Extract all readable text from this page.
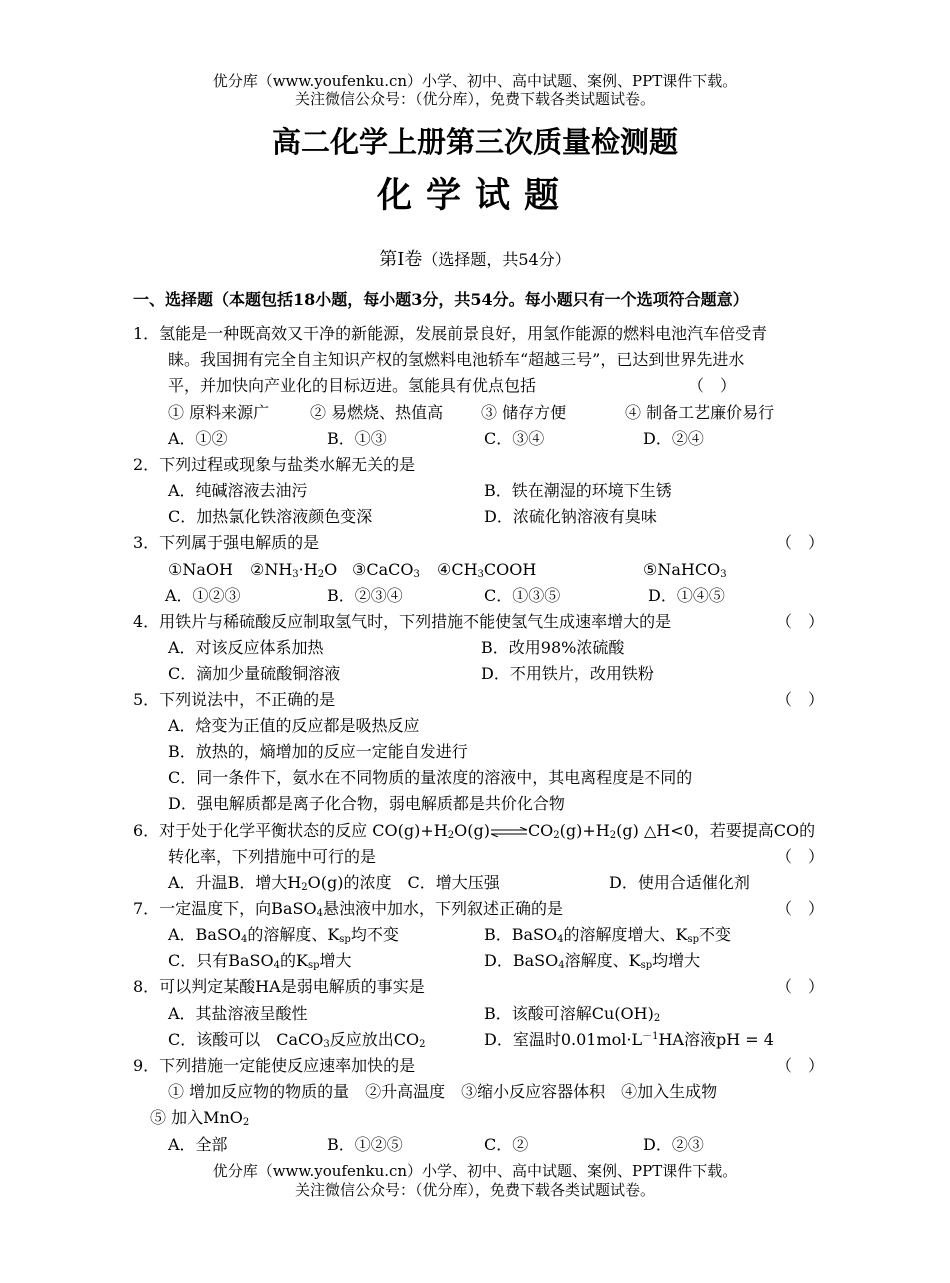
优分库（www.youfenku.cn）小学、初中、高中试题、案例、PPT课件下载。
关注微信公众号：（优分库），免费下载各类试题试卷。
高二化学上册第三次质量检测题
化学试题
第Ⅰ卷（选择题，共54分）
一、选择题（本题包括18小题，每小题3分，共54分。每小题只有一个选项符合题意）
1．氢能是一种既高效又干净的新能源，发展前景良好，用氢作能源的燃料电池汽车倍受青
睐。我国拥有完全自主知识产权的氢燃料电池轿车“超越三号”，已达到世界先进水
平，并加快向产业化的目标迈进。氢能具有优点包括	（　）
① 原料来源广	② 易燃烧、热值高 ③ 储存方便	④ 制备工艺廉价易行
A．①②	B．①③	C．③④	D．②④
2．下列过程或现象与盐类水解无关的是
A．纯碱溶液去油污	B．铁在潮湿的环境下生锈
C．加热氯化铁溶液颜色变深	D．浓硫化钠溶液有臭味
3．下列属于强电解质的是	（　）
①NaOH $②NH_3\cdot H_2O$ ③CaCO$_3$ $④CH_3COOH$	⑤NaHCO$_3$
A．①②③	B．②③④	C．①③⑤	D．①④⑤
4．用铁片与稀硫酸反应制取氢气时，下列措施不能使氢气生成速率增大的是	（　）
A．对该反应体系加热	B．改用98%浓硫酸
C．滴加少量硫酸铜溶液	D．不用铁片，改用铁粉
5．下列说法中，不正确的是	（　）
A．焓变为正值的反应都是吸热反应
B．放热的，熵增加的反应一定能自发进行
C．同一条件下，氨水在不同物质的量浓度的溶液中，其电离程度是不同的
D．强电解质都是离子化合物，弱电解质都是共价化合物
6．对于处于化学平衡状态的反应 $CO(g)+H_2O(g)\rightleftharpoons CO_2(g)+H_2(g)$ △H<0，若要提高CO的
转化率，下列措施中可行的是	（　）
A．升温B．增大$H_2O(g)$的浓度　 C．增大压强	D．使用合适催化剂
7．一定温度下，向BaSO$_4$悬浊液中加水，下列叙述正确的是	（　）
A．BaSO$_4$的溶解度、$K_{sp}$均不变	B．BaSO$_4$的溶解度增大、$K_{sp}$不变
C．只有BaSO$_4$的$K_{sp}$增大	D．BaSO$_4$溶解度、$K_{sp}$均增大
8．可以判定某酸HA是弱电解质的事实是	（　）
A．其盐溶液呈酸性	B．该酸可溶解$Cu(OH)_2$
C．该酸可以　CaCO$_3$反应放出$CO_2$	D．室温时$0.01mol\cdot L^{-1}HA$溶液pH = 4
9．下列措施一定能使反应速率加快的是	（　）
① 增加反应物的物质的量　②升高温度　③缩小反应容器体积　④加入生成物
⑤ 加入MnO$_2$
A．全部	B．①②⑤	C．②	D．②③
优分库（www.youfenku.cn）小学、初中、高中试题、案例、PPT课件下载。
关注微信公众号：（优分库），免费下载各类试题试卷。
